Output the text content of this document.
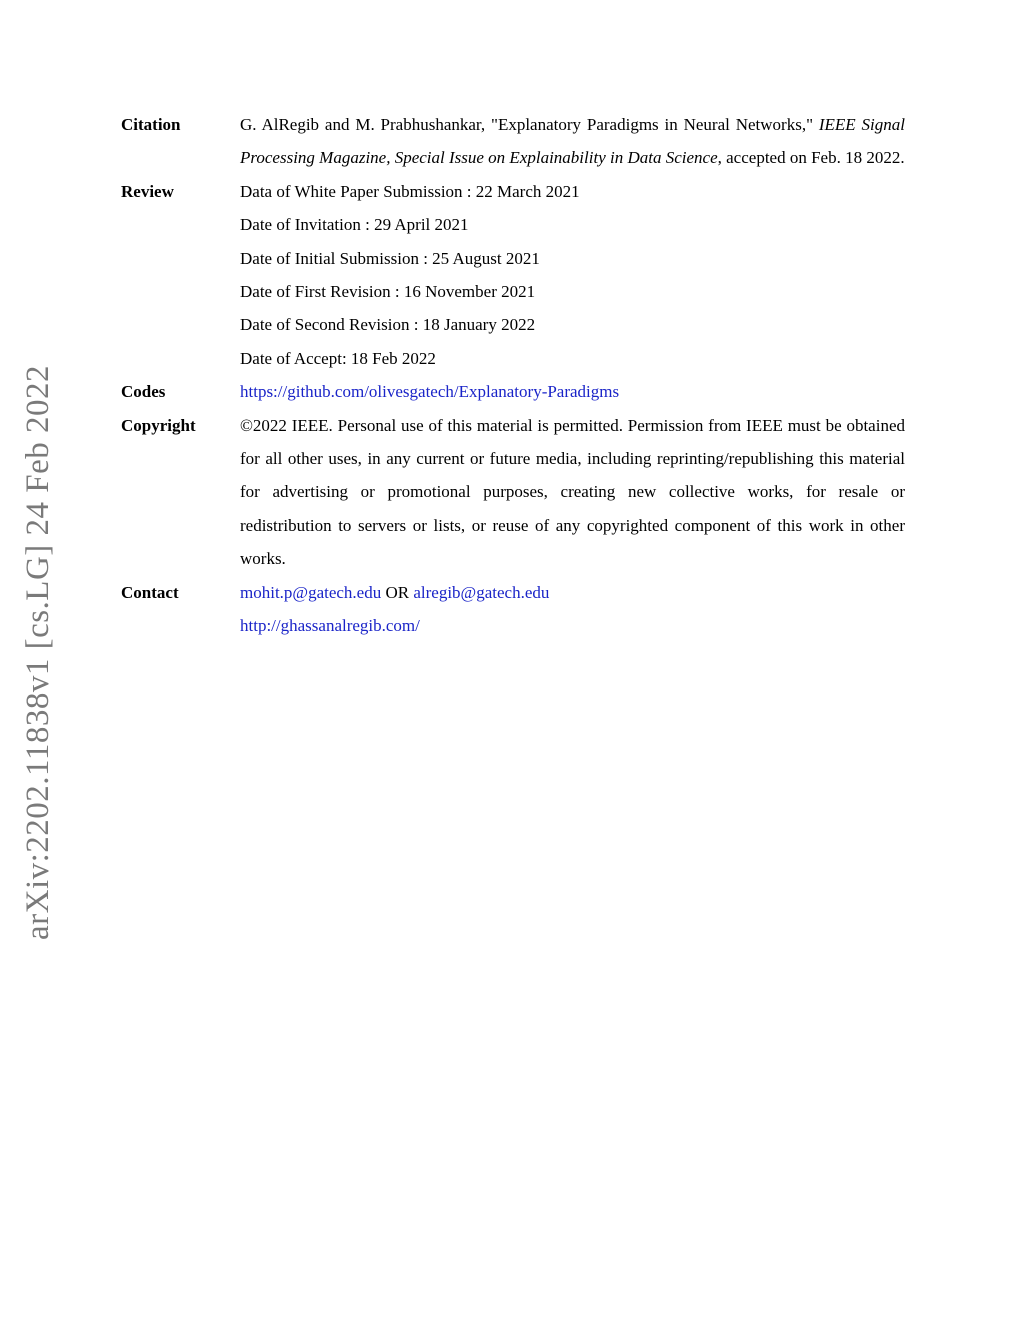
arXiv:2202.11838v1 [cs.LG] 24 Feb 2022
Citation	G. AlRegib and M. Prabhushankar, "Explanatory Paradigms in Neural Networks," IEEE Signal Processing Magazine, Special Issue on Explainability in Data Science, accepted on Feb. 18 2022.
Review	Data of White Paper Submission : 22 March 2021
Date of Invitation : 29 April 2021
Date of Initial Submission : 25 August 2021
Date of First Revision : 16 November 2021
Date of Second Revision : 18 January 2022
Date of Accept: 18 Feb 2022
Codes	https://github.com/olivesgatech/Explanatory-Paradigms
Copyright	©2022 IEEE. Personal use of this material is permitted. Permission from IEEE must be obtained for all other uses, in any current or future media, including reprinting/republishing this material for advertising or promotional purposes, creating new collective works, for resale or redistribution to servers or lists, or reuse of any copyrighted component of this work in other works.
Contact	mohit.p@gatech.edu OR alregib@gatech.edu
http://ghassanalregib.com/
